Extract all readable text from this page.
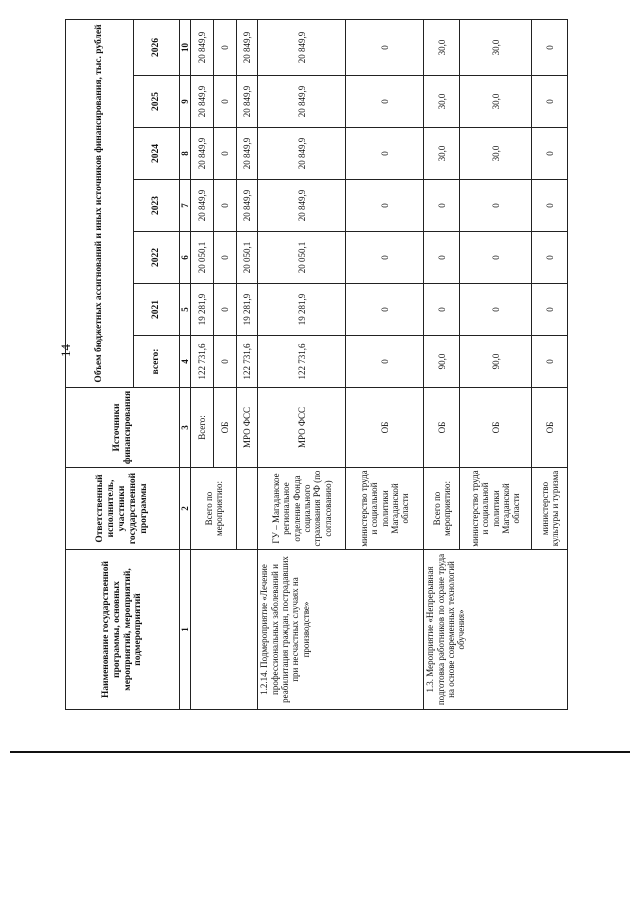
14
Наименование государственной программы, основных мероприятий, мероприятий, подмероприятий	Ответственный исполнитель, участники государственной программы	Источники финансирования	Объем бюджетных ассигнований и иных источников финансирования, тыс. рублей						
			всего:	2021	2022	2023	2024	2025	2026
1	2	3	4	5	6	7	8	9	10
	Всего по мероприятию:	Всего:	122 731,6	19 281,9	20 050,1	20 849,9	20 849,9	20 849,9	20 849,9
		ОБ	0	0	0	0	0	0	0
		МРО ФСС	122 731,6	19 281,9	20 050,1	20 849,9	20 849,9	20 849,9	20 849,9
1.2.14. Подмероприятие «Лечение профессиональных заболеваний и реабилитация граждан, пострадавших при несчастных случаях на производстве»	ГУ – Магаданское региональное отделение Фонда социального страхования РФ (по согласованию)	МРО ФСС	122 731,6	19 281,9	20 050,1	20 849,9	20 849,9	20 849,9	20 849,9
	министерство труда и социальной политики Магаданской области	ОБ	0	0	0	0	0	0	0
1.3. Мероприятие «Непрерывная подготовка работников по охране труда на основе современных технологий обучения»	Всего по мероприятию:	ОБ	90,0	0	0	0	30,0	30,0	30,0
	министерство труда и социальной политики Магаданской области	ОБ	90,0	0	0	0	30,0	30,0	30,0
	министерство культуры и туризма	ОБ	0	0	0	0	0	0	0
